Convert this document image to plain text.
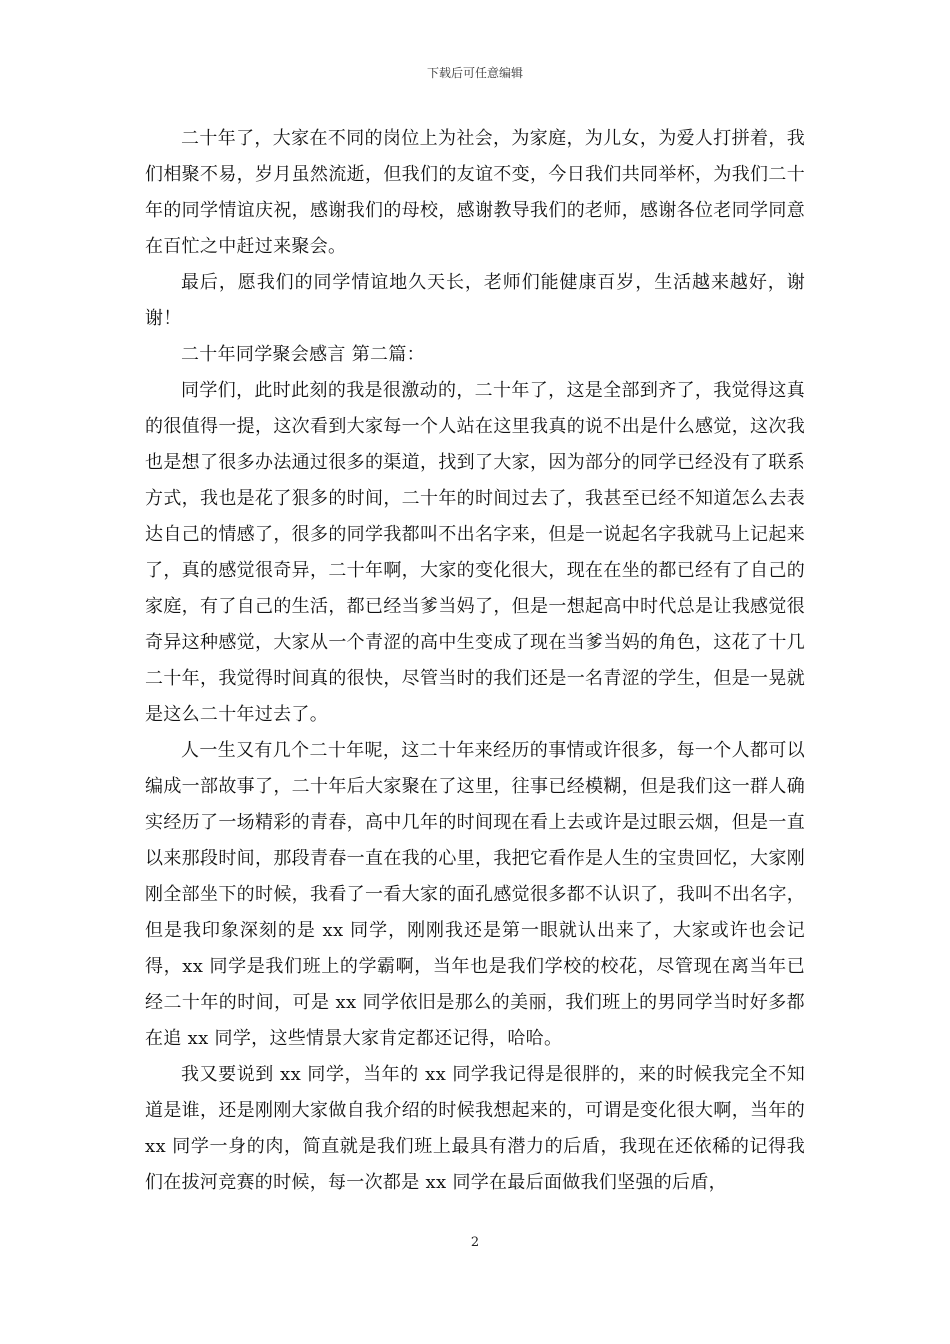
下载后可任意编辑

二十年了，大家在不同的岗位上为社会，为家庭，为儿女，为爱人打拼着，我们相聚不易，岁月虽然流逝，但我们的友谊不变，今日我们共同举杯，为我们二十年的同学情谊庆祝，感谢我们的母校，感谢教导我们的老师，感谢各位老同学同意在百忙之中赶过来聚会。

最后，愿我们的同学情谊地久天长，老师们能健康百岁，生活越来越好，谢谢！

二十年同学聚会感言 第二篇：

同学们，此时此刻的我是很激动的，二十年了，这是全部到齐了，我觉得这真的很值得一提，这次看到大家每一个人站在这里我真的说不出是什么感觉，这次我也是想了很多办法通过很多的渠道，找到了大家，因为部分的同学已经没有了联系方式，我也是花了狠多的时间，二十年的时间过去了，我甚至已经不知道怎么去表达自己的情感了，很多的同学我都叫不出名字来，但是一说起名字我就马上记起来了，真的感觉很奇异，二十年啊，大家的变化很大，现在在坐的都已经有了自己的家庭，有了自己的生活，都已经当爹当妈了，但是一想起高中时代总是让我感觉很奇异这种感觉，大家从一个青涩的高中生变成了现在当爹当妈的角色，这花了十几二十年，我觉得时间真的很快，尽管当时的我们还是一名青涩的学生，但是一晃就是这么二十年过去了。

人一生又有几个二十年呢，这二十年来经历的事情或许很多，每一个人都可以编成一部故事了，二十年后大家聚在了这里，往事已经模糊，但是我们这一群人确实经历了一场精彩的青春，高中几年的时间现在看上去或许是过眼云烟，但是一直以来那段时间，那段青春一直在我的心里，我把它看作是人生的宝贵回忆，大家刚刚全部坐下的时候，我看了一看大家的面孔感觉很多都不认识了，我叫不出名字，但是我印象深刻的是 xx 同学，刚刚我还是第一眼就认出来了，大家或许也会记得，xx 同学是我们班上的学霸啊，当年也是我们学校的校花，尽管现在离当年已经二十年的时间，可是 xx 同学依旧是那么的美丽，我们班上的男同学当时好多都在追 xx 同学，这些情景大家肯定都还记得，哈哈。

我又要说到 xx 同学，当年的 xx 同学我记得是很胖的，来的时候我完全不知道是谁，还是刚刚大家做自我介绍的时候我想起来的，可谓是变化很大啊，当年的 xx 同学一身的肉，简直就是我们班上最具有潜力的后盾，我现在还依稀的记得我们在拔河竞赛的时候，每一次都是 xx 同学在最后面做我们坚强的后盾，

2
